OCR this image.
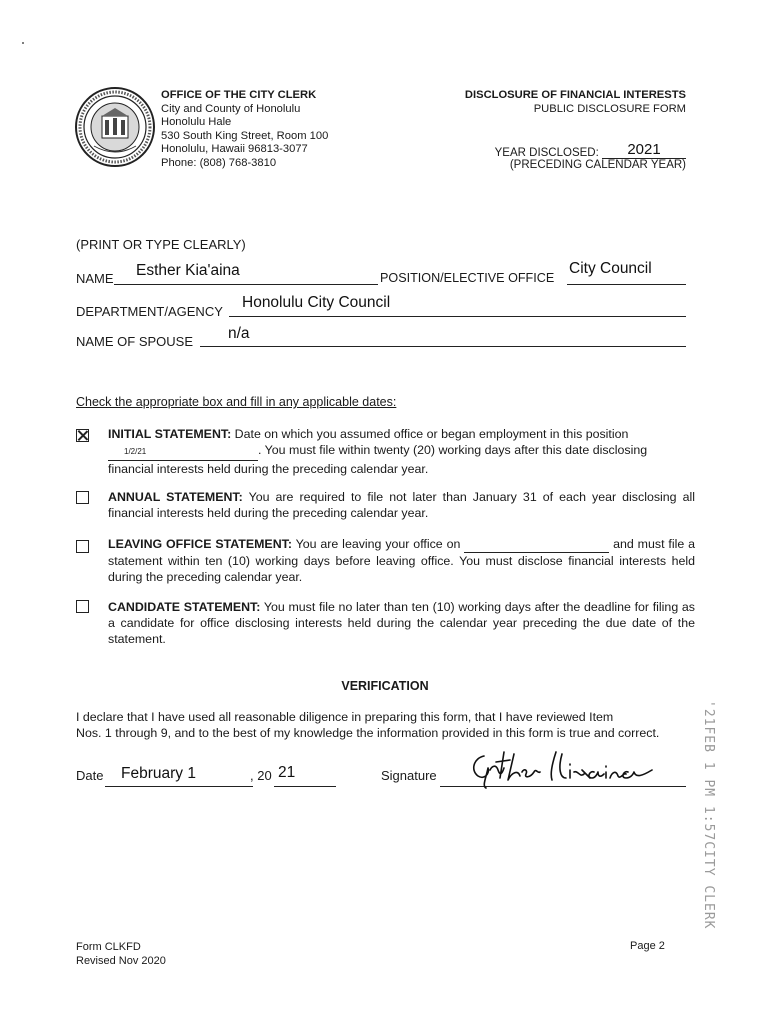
OFFICE OF THE CITY CLERK
City and County of Honolulu
Honolulu Hale
530 South King Street, Room 100
Honolulu, Hawaii 96813-3077
Phone: (808) 768-3810
DISCLOSURE OF FINANCIAL INTERESTS
PUBLIC DISCLOSURE FORM
YEAR DISCLOSED: 2021
(PRECEDING CALENDAR YEAR)
(PRINT OR TYPE CLEARLY)
NAME Esther Kia'aina	POSITION/ELECTIVE OFFICE
City Council
DEPARTMENT/AGENCY
Honolulu City Council
NAME OF SPOUSE n/a
Check the appropriate box and fill in any applicable dates:
INITIAL STATEMENT: Date on which you assumed office or began employment in this position
1/2/21	. You must file within twenty (20) working days after this date disclosing
financial interests held during the preceding calendar year.
ANNUAL STATEMENT: You are required to file not later than January 31 of each year disclosing all financial interests held during the preceding calendar year.
LEAVING OFFICE STATEMENT: You are leaving your office on	and must file a statement within ten (10) working days before leaving office. You must disclose financial interests held during the preceding calendar year.
CANDIDATE STATEMENT: You must file no later than ten (10) working days after the deadline for filing as a candidate for office disclosing interests held during the calendar year preceding the due date of the statement.
VERIFICATION
I declare that I have used all reasonable diligence in preparing this form, that I have reviewed Item
Nos. 1 through 9, and to the best of my knowledge the information provided in this form is true and correct.
Date February 1	, 20 21	Signature	'21FEB 1 PM 1:57CITY CLERK
Form CLKFD
Revised Nov 2020
Page 2
